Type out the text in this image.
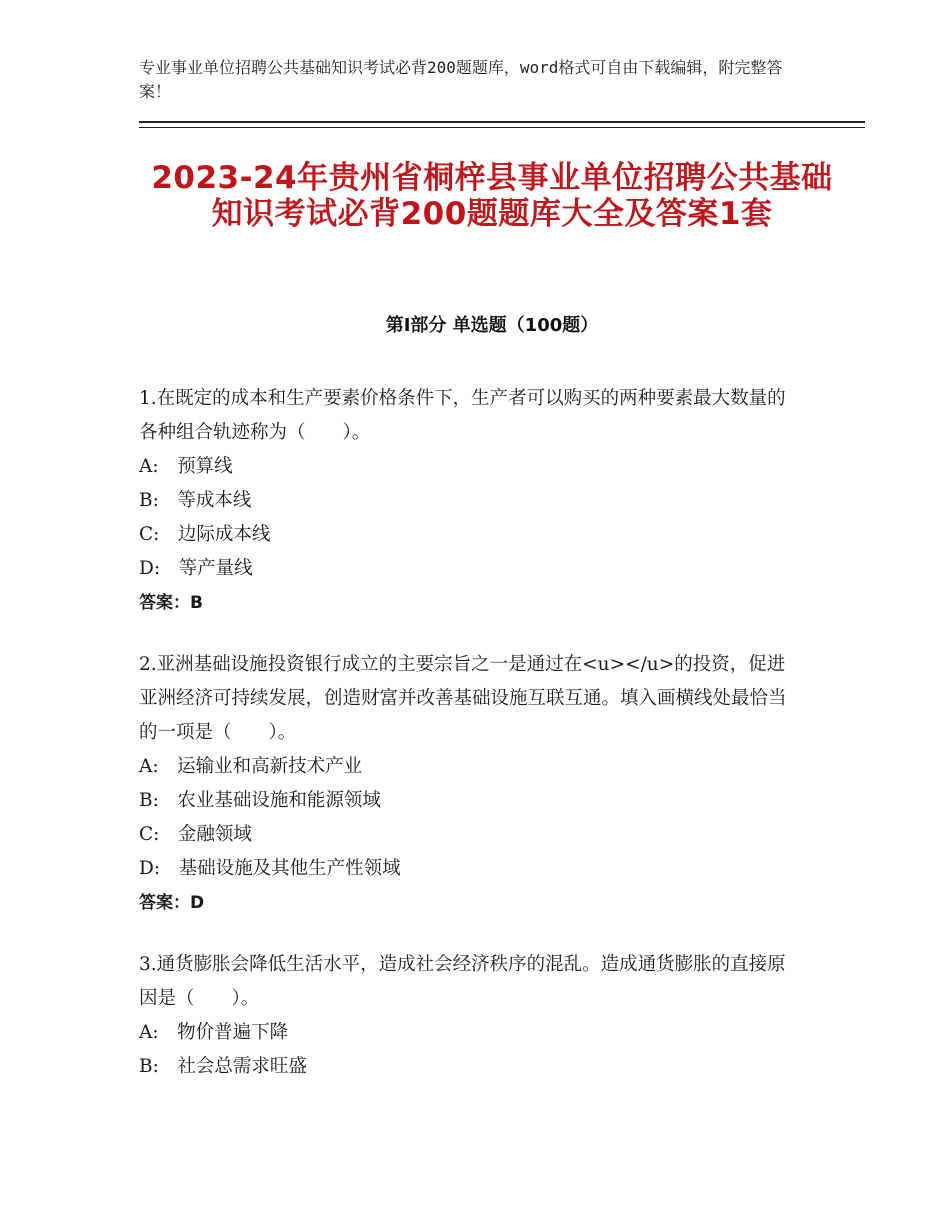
专业事业单位招聘公共基础知识考试必背200题题库，word格式可自由下载编辑，附完整答案！
2023-24年贵州省桐梓县事业单位招聘公共基础知识考试必背200题题库大全及答案1套
第Ⅰ部分 单选题（100题）

1.在既定的成本和生产要素价格条件下，生产者可以购买的两种要素最大数量的各种组合轨迹称为（　　）。

A:　预算线

B:　等成本线

C:　边际成本线

D:　等产量线

答案：B

2.亚洲基础设施投资银行成立的主要宗旨之一是通过在<u></u>的投资，促进亚洲经济可持续发展，创造财富并改善基础设施互联互通。填入画横线处最恰当的一项是（　　）。

A:　运输业和高新技术产业

B:　农业基础设施和能源领域

C:　金融领域

D:　基础设施及其他生产性领域

答案：D

3.通货膨胀会降低生活水平，造成社会经济秩序的混乱。造成通货膨胀的直接原因是（　　）。

A:　物价普遍下降

B:　社会总需求旺盛
